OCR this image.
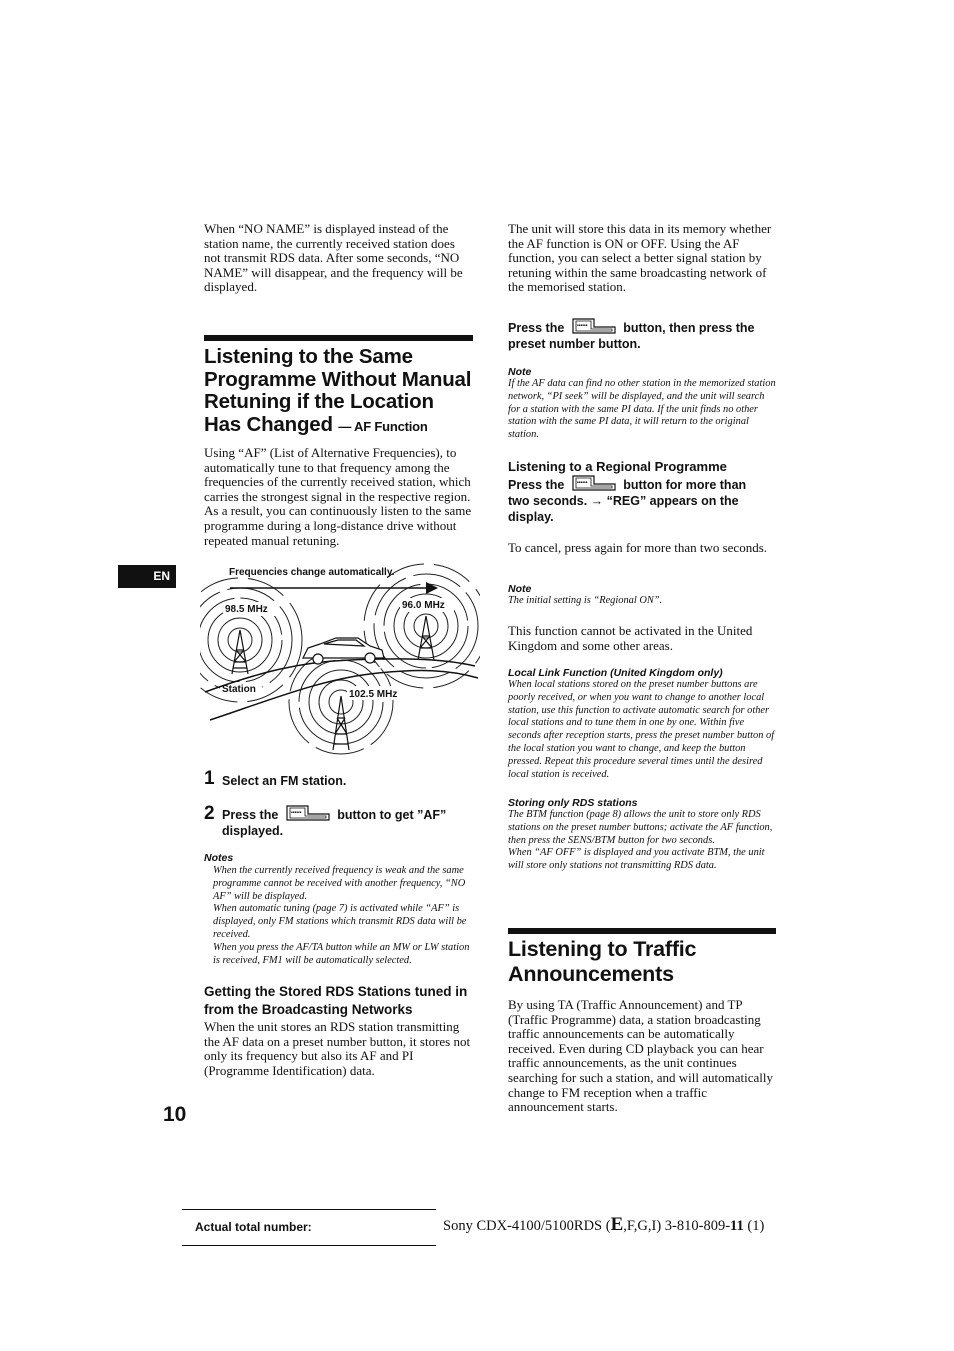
When “NO NAME” is displayed instead of the station name, the currently received station does not transmit RDS data. After some seconds, “NO NAME” will disappear, and the frequency will be displayed.

Listening to the Same Programme Without Manual Retuning if the Location Has Changed — AF Function

Using “AF” (List of Alternative Frequencies), to automatically tune to that frequency among the frequencies of the currently received station, which carries the strongest signal in the respective region. As a result, you can continuously listen to the same programme during a long-distance drive without repeated manual retuning.

EN	Frequencies change automatically.
98.5 MHz	96.0 MHz
102.5 MHz
Station
1 Select an FM station.
2 Press the ••••••	button to get ”AF”
displayed.

Notes

When the currently received frequency is weak and the same programme cannot be received with another frequency, “NO AF” will be displayed.

When automatic tuning (page 7) is activated while “AF” is displayed, only FM stations which transmit RDS data will be received.

When you press the AF/TA button while an MW or LW station is received, FM1 will be automatically selected.

Getting the Stored RDS Stations tuned in from the Broadcasting Networks

When the unit stores an RDS station transmitting the AF data on a preset number button, it stores not only its frequency but also its AF and PI (Programme Identification) data.

10

The unit will store this data in its memory whether the AF function is ON or OFF. Using the AF function, you can select a better signal station by retuning within the same broadcasting network of the memorised station.

Press the ••••••	button, then press the
preset number button.

Note

If the AF data can find no other station in the memorized station network, “PI seek” will be displayed, and the unit will search for a station with the same PI data. If the unit finds no other station with the same PI data, it will return to the original station.

Listening to a Regional Programme

Press the ••••••	button for more than
two seconds. → “REG” appears on the display.

To cancel, press again for more than two seconds.

Note

The initial setting is “Regional ON”.

This function cannot be activated in the United Kingdom and some other areas.

Local Link Function (United Kingdom only)

When local stations stored on the preset number buttons are poorly received, or when you want to change to another local station, use this function to activate automatic search for other local stations and to tune them in one by one. Within five seconds after reception starts, press the preset number button of the local station you want to change, and keep the button pressed. Repeat this procedure several times until the desired local station is received.

Storing only RDS stations

The BTM function (page 8) allows the unit to store only RDS stations on the preset number buttons; activate the AF function, then press the SENS/BTM button for two seconds.

When “AF OFF” is displayed and you activate BTM, the unit will store only stations not transmitting RDS data.

Listening to Traffic Announcements

By using TA (Traffic Announcement) and TP (Traffic Programme) data, a station broadcasting traffic announcements can be automatically received. Even during CD playback you can hear traffic announcements, as the unit continues searching for such a station, and will automatically change to FM reception when a traffic announcement starts.

Actual total number:	Sony CDX-4100/5100RDS (E,F,G,I) 3-810-809-11 (1)
